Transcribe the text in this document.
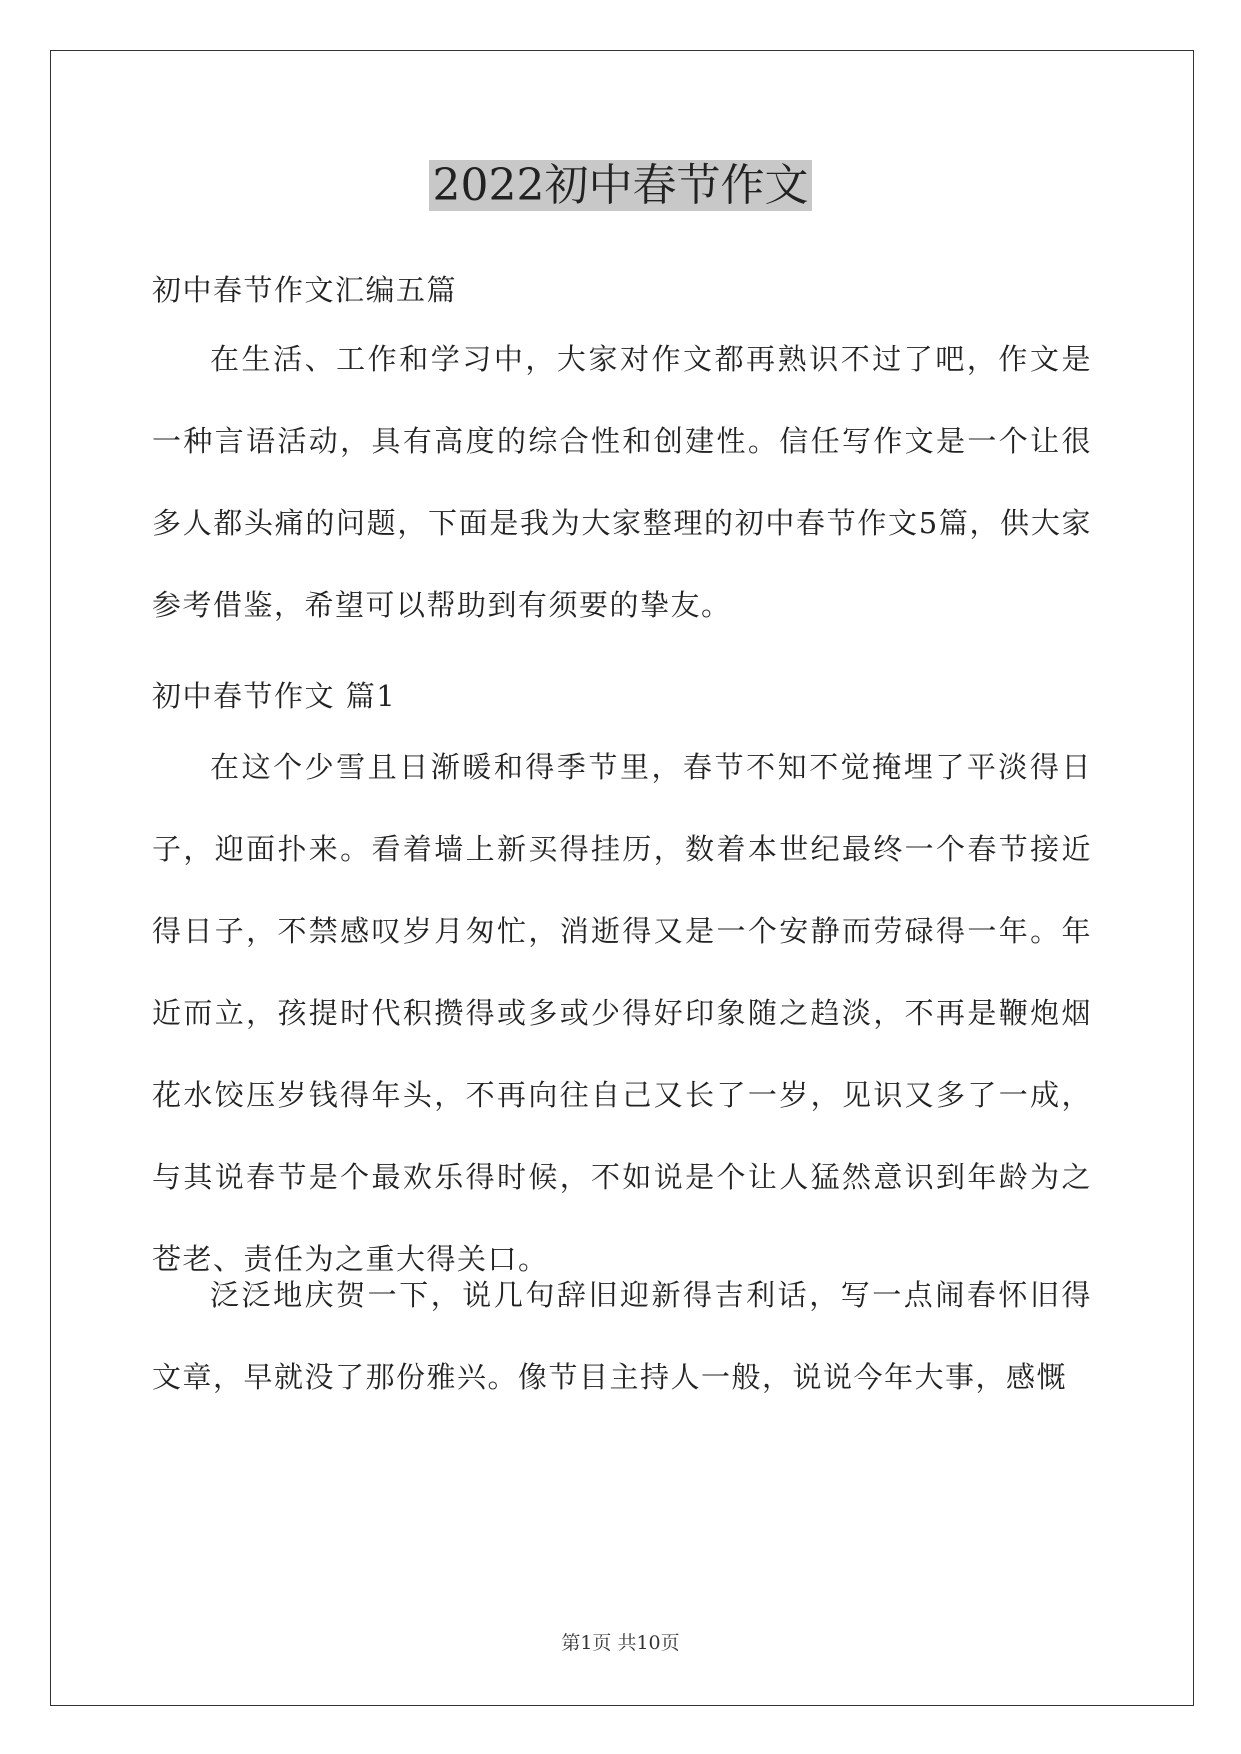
2022初中春节作文
初中春节作文汇编五篇

在生活、工作和学习中，大家对作文都再熟识不过了吧，作文是一种言语活动，具有高度的综合性和创建性。信任写作文是一个让很多人都头痛的问题，下面是我为大家整理的初中春节作文5篇，供大家参考借鉴，希望可以帮助到有须要的挚友。

初中春节作文 篇1

在这个少雪且日渐暖和得季节里，春节不知不觉掩埋了平淡得日子，迎面扑来。看着墙上新买得挂历，数着本世纪最终一个春节接近得日子，不禁感叹岁月匆忙，消逝得又是一个安静而劳碌得一年。年近而立，孩提时代积攒得或多或少得好印象随之趋淡，不再是鞭炮烟花水饺压岁钱得年头，不再向往自己又长了一岁，见识又多了一成，与其说春节是个最欢乐得时候，不如说是个让人猛然意识到年龄为之苍老、责任为之重大得关口。

泛泛地庆贺一下，说几句辞旧迎新得吉利话，写一点闹春怀旧得文章，早就没了那份雅兴。像节目主持人一般，说说今年大事，感慨

第1页 共10页
